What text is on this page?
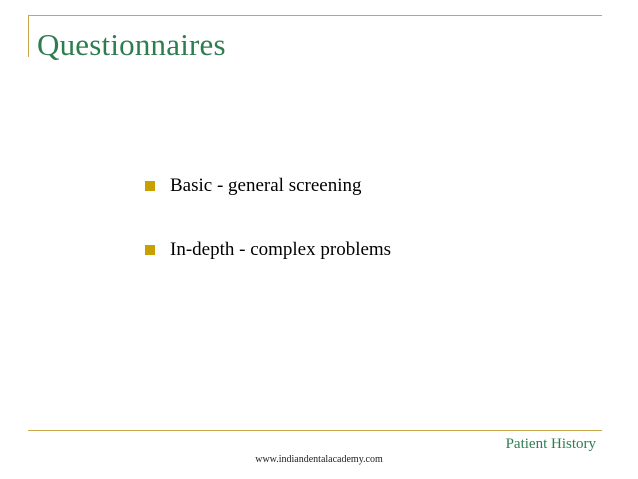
Questionnaires
Basic - general screening
In-depth - complex problems
Patient History
www.indiandentalacademy.com
